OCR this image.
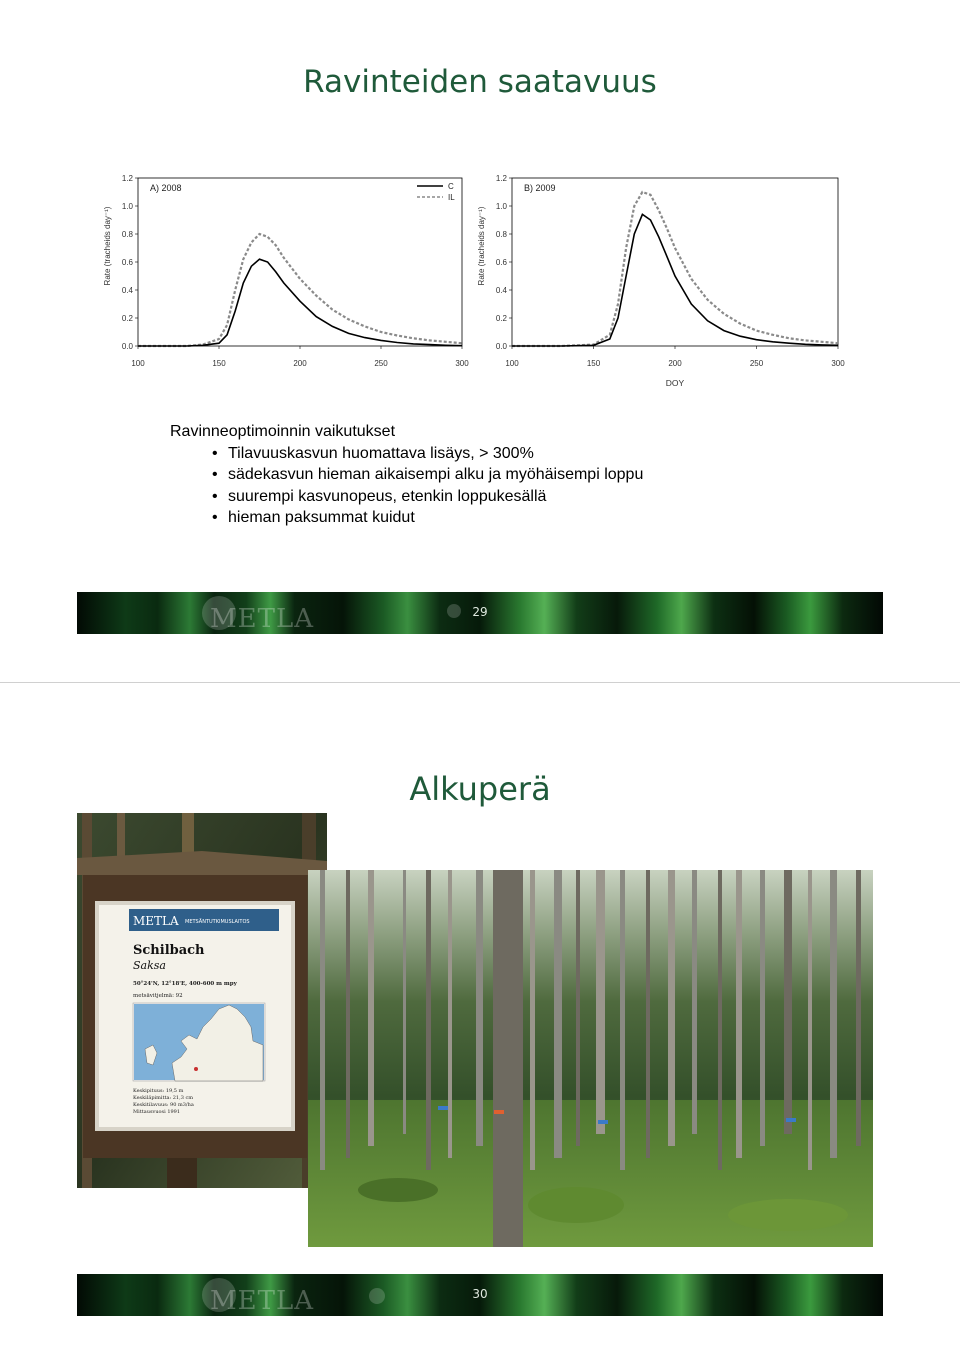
Ravinteiden saatavuus
0.0
0.2
0.4
0.6
0.8
1.0
1.2
100	150	200	250	300
Rate (tracheids day⁻¹)
A) 2008	C
IL
0.0
0.2
0.4
0.6
0.8
1.0
1.2
100	150	200	250	300
Rate (tracheids day⁻¹)
B) 2009
DOY

Ravinneoptimoinnin vaikutukset

• Tilavuuskasvun huomattava lisäys, > 300%
• sädekasvun hieman aikaisempi alku ja myöhäisempi loppu
• suurempi kasvunopeus, etenkin loppukesällä
• hieman paksummat kuidut
METLA	29
Alkuperä
METLA METSÄNTUTKIMUSLAITOS
Schilbach
Saksa
50°24'N, 12°18'E, 400-600 m mpy
metsävitjelmä: 92
Keskipituus: 19,5 m
Keskiläpimitta: 21,3 cm
Keskitilavuus: 90 m3/ha
Mittausvuosi 1991
METLA	30
